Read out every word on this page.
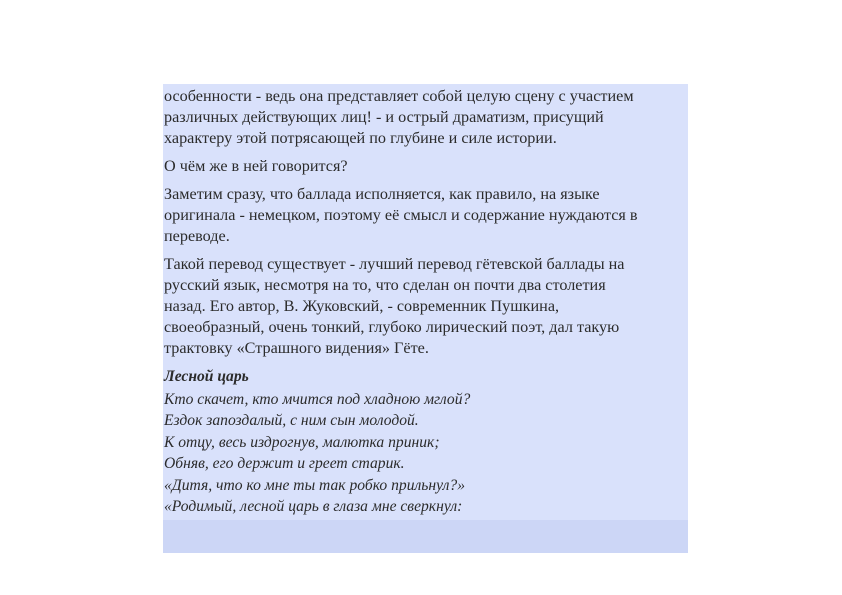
особенности - ведь она представляет собой целую сцену с участием
различных действующих лиц! - и острый драматизм, присущий
характеру этой потрясающей по глубине и силе истории.
О чём же в ней говорится?
Заметим сразу, что баллада исполняется, как правило, на языке
оригинала - немецком, поэтому её смысл и содержание нуждаются в
переводе.
Такой перевод существует - лучший перевод гётевской баллады на
русский язык, несмотря на то, что сделан он почти два столетия
назад. Его автор, В. Жуковский, - современник Пушкина,
своеобразный, очень тонкий, глубоко лирический поэт, дал такую
трактовку «Страшного видения» Гёте.
Лесной царь
Кто скачет, кто мчится под хладною мглой?
Ездок запоздалый, с ним сын молодой.
К отцу, весь издрогнув, малютка приник;
Обняв, его держит и греет старик.
«Дитя, что ко мне ты так робко прильнул?»
«Родимый, лесной царь в глаза мне сверкнул:
